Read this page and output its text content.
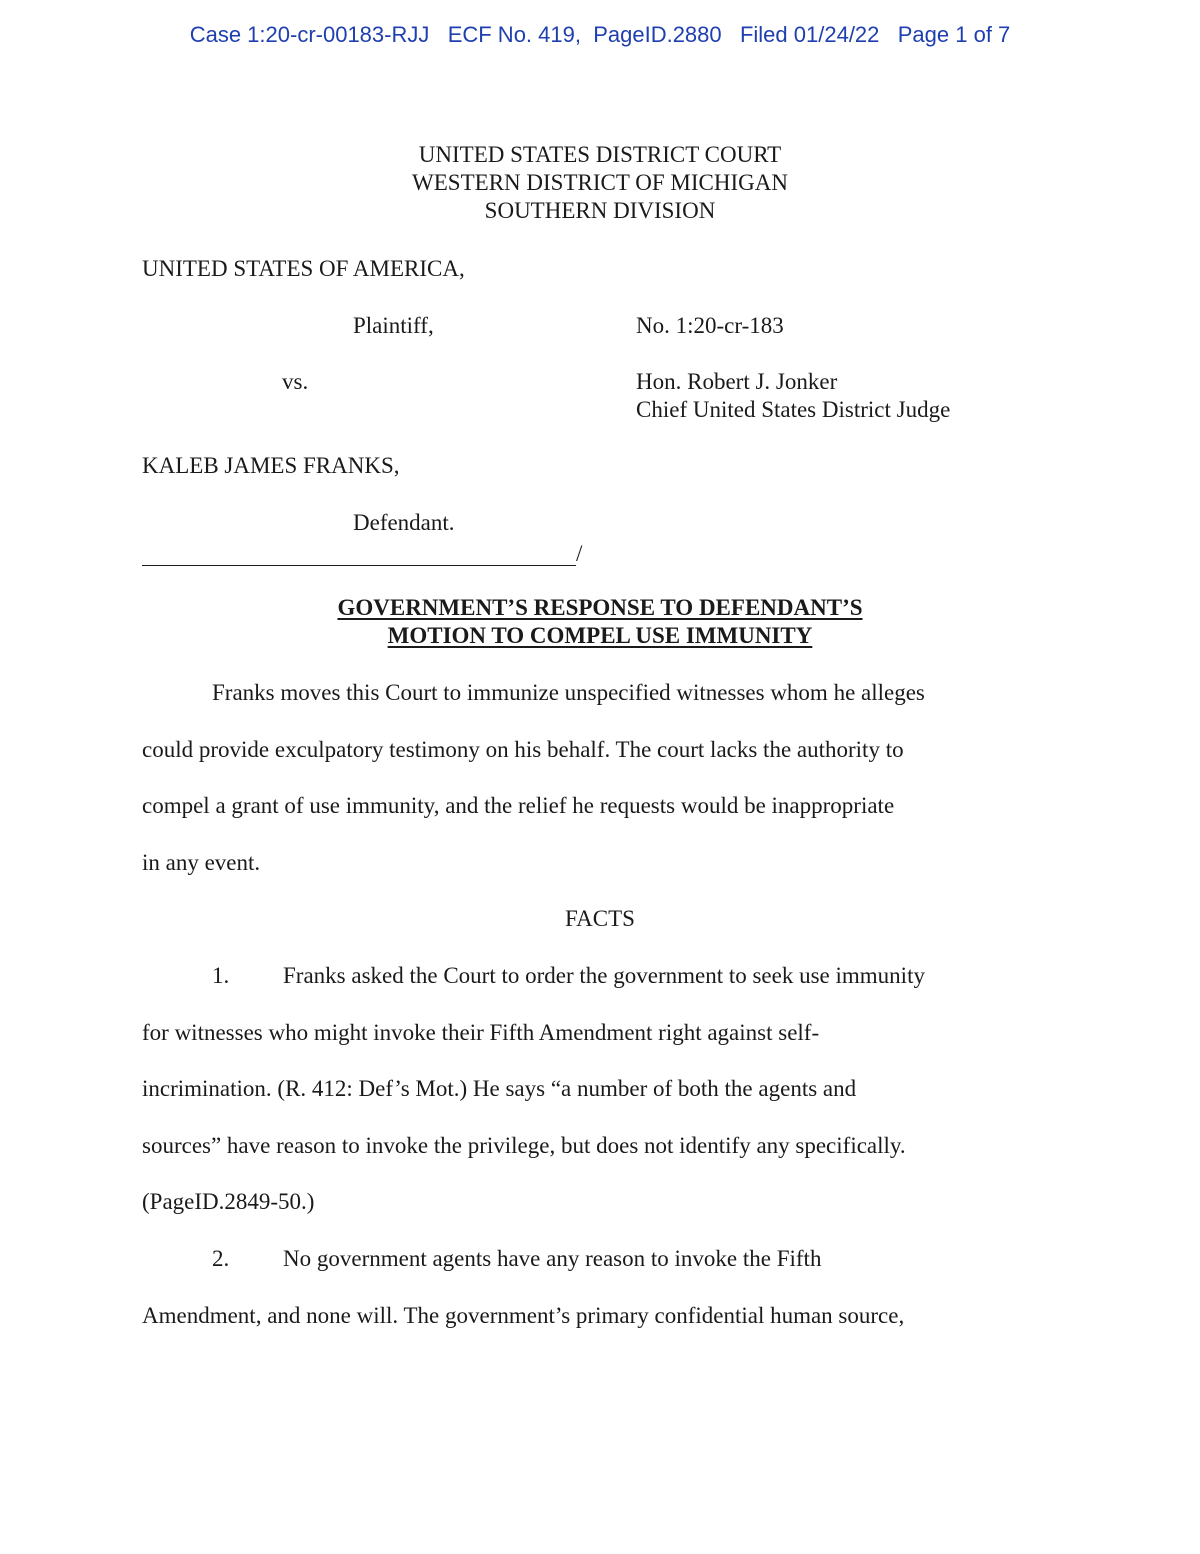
Case 1:20-cr-00183-RJJ   ECF No. 419,  PageID.2880   Filed 01/24/22   Page 1 of 7
UNITED STATES DISTRICT COURT
WESTERN DISTRICT OF MICHIGAN
SOUTHERN DIVISION
UNITED STATES OF AMERICA,
Plaintiff,	No. 1:20-cr-183
vs.	Hon. Robert J. Jonker
Chief United States District Judge
KALEB JAMES FRANKS,
Defendant.
/
GOVERNMENT’S RESPONSE TO DEFENDANT’S
MOTION TO COMPEL USE IMMUNITY
Franks moves this Court to immunize unspecified witnesses whom he alleges
could provide exculpatory testimony on his behalf. The court lacks the authority to
compel a grant of use immunity, and the relief he requests would be inappropriate
in any event.
FACTS
1. Franks asked the Court to order the government to seek use immunity
for witnesses who might invoke their Fifth Amendment right against self-
incrimination. (R. 412: Def’s Mot.) He says “a number of both the agents and
sources” have reason to invoke the privilege, but does not identify any specifically.
(PageID.2849-50.)
2. No government agents have any reason to invoke the Fifth
Amendment, and none will. The government’s primary confidential human source,
